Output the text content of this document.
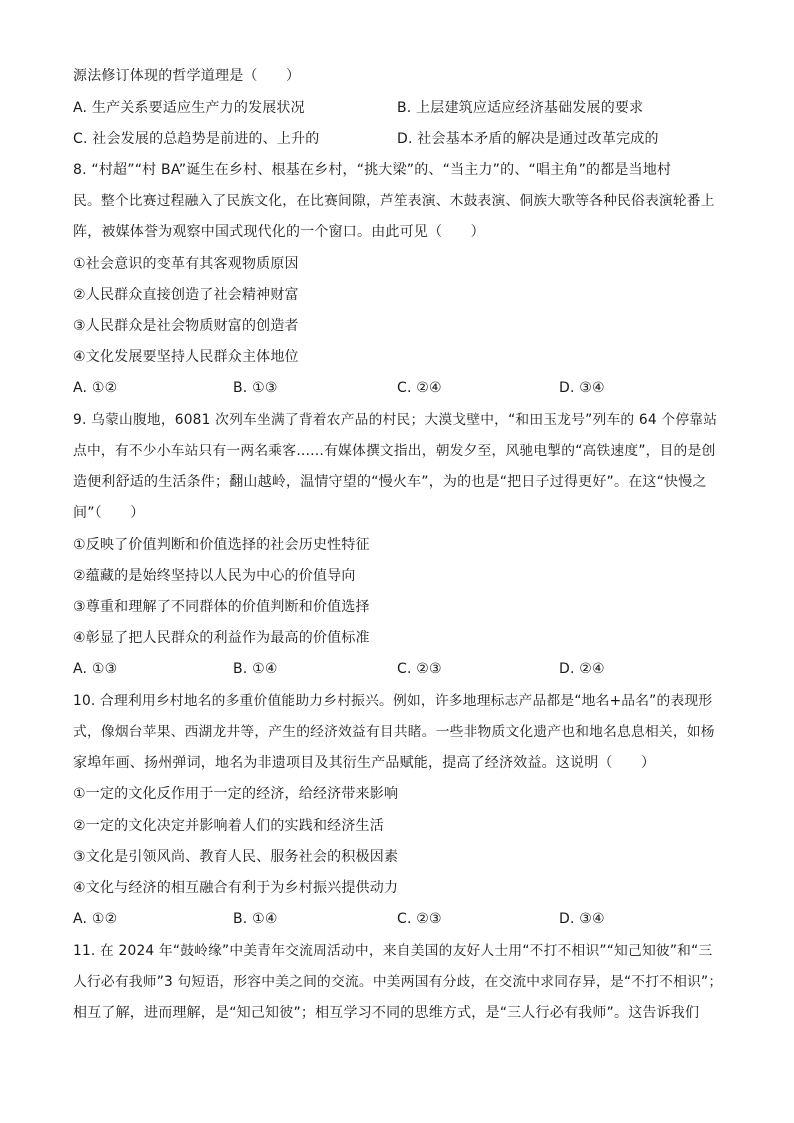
源法修订体现的哲学道理是（　　）
A. 生产关系要适应生产力的发展状况	B. 上层建筑应适应经济基础发展的要求
C. 社会发展的总趋势是前进的、上升的	D. 社会基本矛盾的解决是通过改革完成的
8. “村超”“村 BA”诞生在乡村、根基在乡村，“挑大梁”的、“当主力”的、“唱主角”的都是当地村
民。整个比赛过程融入了民族文化，在比赛间隙，芦笙表演、木鼓表演、侗族大歌等各种民俗表演轮番上
阵，被媒体誉为观察中国式现代化的一个窗口。由此可见（　　）
①社会意识的变革有其客观物质原因
②人民群众直接创造了社会精神财富
③人民群众是社会物质财富的创造者
④文化发展要坚持人民群众主体地位
A. ①②	B. ①③	C. ②④	D. ③④
9. 乌蒙山腹地，6081 次列车坐满了背着农产品的村民；大漠戈壁中，“和田玉龙号”列车的 64 个停靠站
点中，有不少小车站只有一两名乘客……有媒体撰文指出，朝发夕至，风驰电掣的“高铁速度”，目的是创
造便利舒适的生活条件；翻山越岭，温情守望的“慢火车”，为的也是“把日子过得更好”。在这“快慢之
间”（　　）
①反映了价值判断和价值选择的社会历史性特征
②蕴藏的是始终坚持以人民为中心的价值导向
③尊重和理解了不同群体的价值判断和价值选择
④彰显了把人民群众的利益作为最高的价值标准
A. ①③	B. ①④	C. ②③	D. ②④
10. 合理利用乡村地名的多重价值能助力乡村振兴。例如，许多地理标志产品都是“地名+品名”的表现形
式，像烟台苹果、西湖龙井等，产生的经济效益有目共睹。一些非物质文化遗产也和地名息息相关，如杨
家埠年画、扬州弹词，地名为非遗项目及其衍生产品赋能，提高了经济效益。这说明（　　）
①一定的文化反作用于一定的经济，给经济带来影响
②一定的文化决定并影响着人们的实践和经济生活
③文化是引领风尚、教育人民、服务社会的积极因素
④文化与经济的相互融合有利于为乡村振兴提供动力
A. ①②	B. ①④	C. ②③	D. ③④
11. 在 2024 年“鼓岭缘”中美青年交流周活动中，来自美国的友好人士用“不打不相识”“知己知彼”和“三
人行必有我师”3 句短语，形容中美之间的交流。中美两国有分歧，在交流中求同存异，是“不打不相识”；
相互了解，进而理解，是“知己知彼”；相互学习不同的思维方式，是“三人行必有我师”。这告诉我们
